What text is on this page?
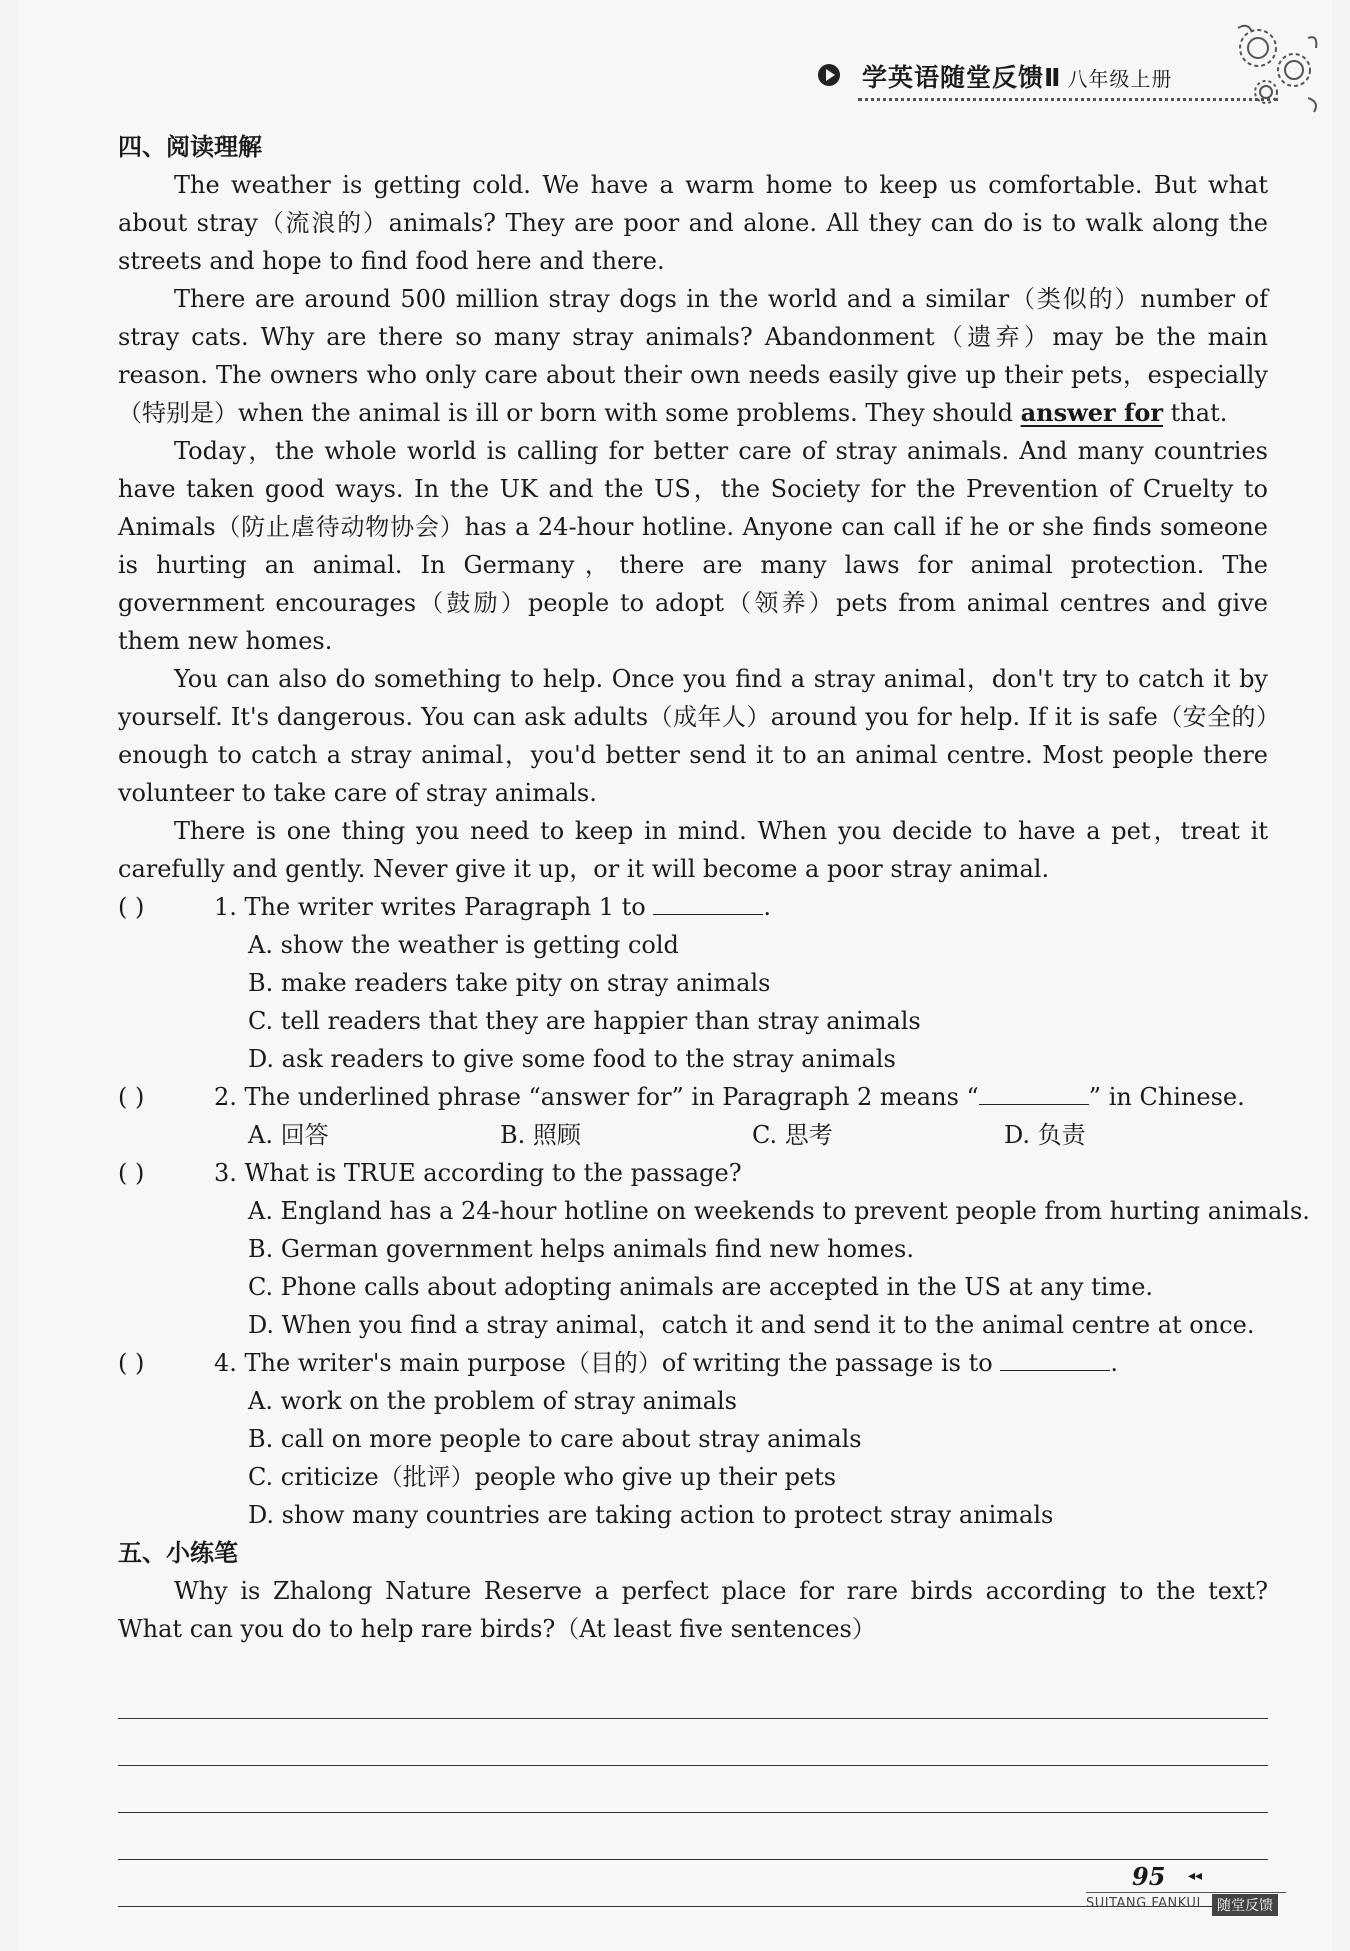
学英语随堂反馈Ⅱ 八年级上册
四、阅读理解

The weather is getting cold. We have a warm home to keep us comfortable. But what about stray（流浪的）animals? They are poor and alone. All they can do is to walk along the streets and hope to find food here and there.

There are around 500 million stray dogs in the world and a similar（类似的）number of stray cats. Why are there so many stray animals? Abandonment（遗弃）may be the main reason. The owners who only care about their own needs easily give up their pets，especially（特别是）when the animal is ill or born with some problems. They should answer for that.

Today，the whole world is calling for better care of stray animals. And many countries have taken good ways. In the UK and the US，the Society for the Prevention of Cruelty to Animals（防止虐待动物协会）has a 24-hour hotline. Anyone can call if he or she finds someone is hurting an animal. In Germany，there are many laws for animal protection. The government encourages（鼓励）people to adopt（领养）pets from animal centres and give them new homes.

You can also do something to help. Once you find a stray animal，don't try to catch it by yourself. It's dangerous. You can ask adults（成年人）around you for help. If it is safe（安全的）enough to catch a stray animal，you'd better send it to an animal centre. Most people there volunteer to take care of stray animals.

There is one thing you need to keep in mind. When you decide to have a pet，treat it carefully and gently. Never give it up，or it will become a poor stray animal.

( )	1. The writer writes Paragraph 1 to	.
A. show the weather is getting cold
B. make readers take pity on stray animals
C. tell readers that they are happier than stray animals
D. ask readers to give some food to the stray animals
( )	2. The underlined phrase “answer for” in Paragraph 2 means “	” in Chinese.
A. 回答	B. 照顾	C. 思考	D. 负责
( )	3. What is TRUE according to the passage?
A. England has a 24-hour hotline on weekends to prevent people from hurting animals.
B. German government helps animals find new homes.
C. Phone calls about adopting animals are accepted in the US at any time.
D. When you find a stray animal，catch it and send it to the animal centre at once.
( )	4. The writer's main purpose（目的）of writing the passage is to	.
A. work on the problem of stray animals
B. call on more people to care about stray animals
C. criticize（批评）people who give up their pets
D. show many countries are taking action to protect stray animals
五、小练笔

Why is Zhalong Nature Reserve a perfect place for rare birds according to the text? What can you do to help rare birds?（At least five sentences）

95 ◂◂
SUITANG FANKUI	随堂反馈
